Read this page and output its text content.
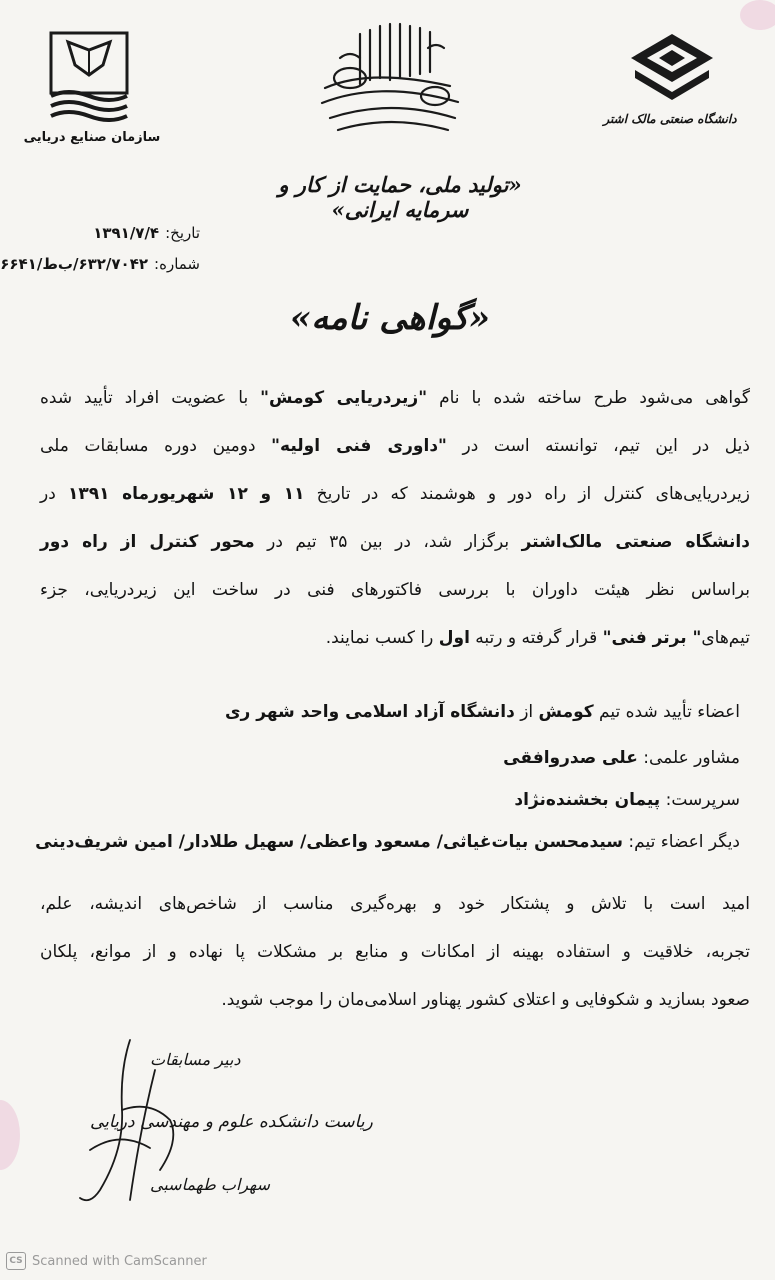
سازمان صنایع دریایی	بسم الله الرحمن الرحیم
دانشگاه صنعتی مالک اشتر
«تولید ملی، حمایت از کار و سرمایه ایرانی»
تاریخ:
۱۳۹۱/۷/۴
شماره:
۶۳۲/۷۰۴۲/ب‌ط/۶۶۴۱
«گواهی نامه»
گواهی می‌شود طرح ساخته شده با نام "زیردریایی کومش" با عضویت افراد تأیید شده
ذیل در این تیم، توانسته است در "داوری فنی اولیه" دومین دوره مسابقات ملی
زیردریایی‌های کنترل از راه دور و هوشمند که در تاریخ ۱۱ و ۱۲ شهریورماه ۱۳۹۱ در
دانشگاه صنعتی مالک‌اشتر برگزار شد، در بین ۳۵ تیم در محور کنترل از راه دور
براساس نظر هیئت داوران با بررسی فاکتورهای فنی در ساخت این زیردریایی، جزء
تیم‌های" برتر فنی" قرار گرفته و رتبه اول را کسب نمایند.
اعضاء تأیید شده تیم کومش از دانشگاه آزاد اسلامی واحد شهر ری
مشاور علمی: علی صدروافقی
سرپرست: پیمان بخشنده‌نژاد
دیگر اعضاء تیم: سیدمحسن بیات‌غیاثی/ مسعود واعظی/ سهیل طلادار/ امین شریف‌دینی
امید است با تلاش و پشتکار خود و بهره‌گیری مناسب از شاخص‌های اندیشه، علم،
تجربه، خلاقیت و استفاده بهینه از امکانات و منابع بر مشکلات پا نهاده و از موانع، پلکان
صعود بسازید و شکوفایی و اعتلای کشور پهناور اسلامی‌مان را موجب شوید.
دبیر مسابقات
ریاست دانشکده علوم و مهندسی دریایی
سهراب طهماسبی
CS Scanned with CamScanner
